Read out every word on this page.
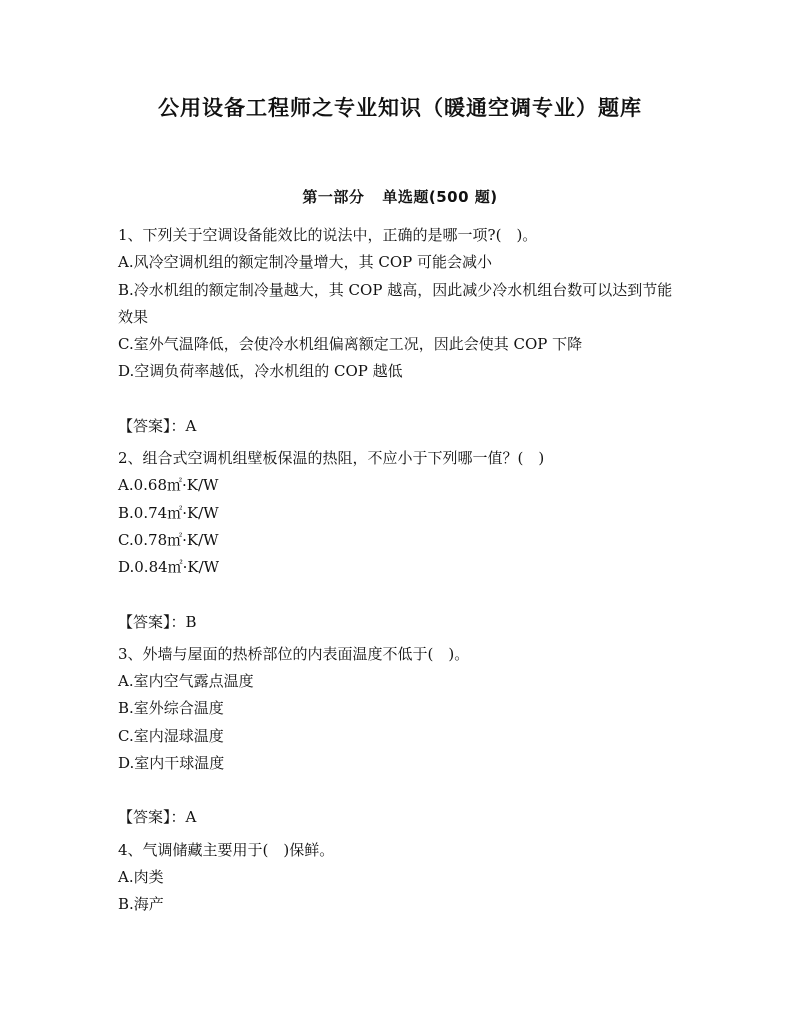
公用设备工程师之专业知识（暖通空调专业）题库
第一部分 单选题(500 题)
1、下列关于空调设备能效比的说法中，正确的是哪一项?(　)。
A.风冷空调机组的额定制冷量增大，其 COP 可能会减小
B.冷水机组的额定制冷量越大，其 COP 越高，因此减少冷水机组台数可以达到节能效果
C.室外气温降低，会使冷水机组偏离额定工况，因此会使其 COP 下降
D.空调负荷率越低，冷水机组的 COP 越低
【答案】：A
2、组合式空调机组壁板保温的热阻，不应小于下列哪一值？(　)
A.0.68㎡·K/W
B.0.74㎡·K/W
C.0.78㎡·K/W
D.0.84㎡·K/W
【答案】：B
3、外墙与屋面的热桥部位的内表面温度不低于(　)。
A.室内空气露点温度
B.室外综合温度
C.室内湿球温度
D.室内干球温度
【答案】：A
4、气调储藏主要用于(　)保鲜。
A.肉类
B.海产
